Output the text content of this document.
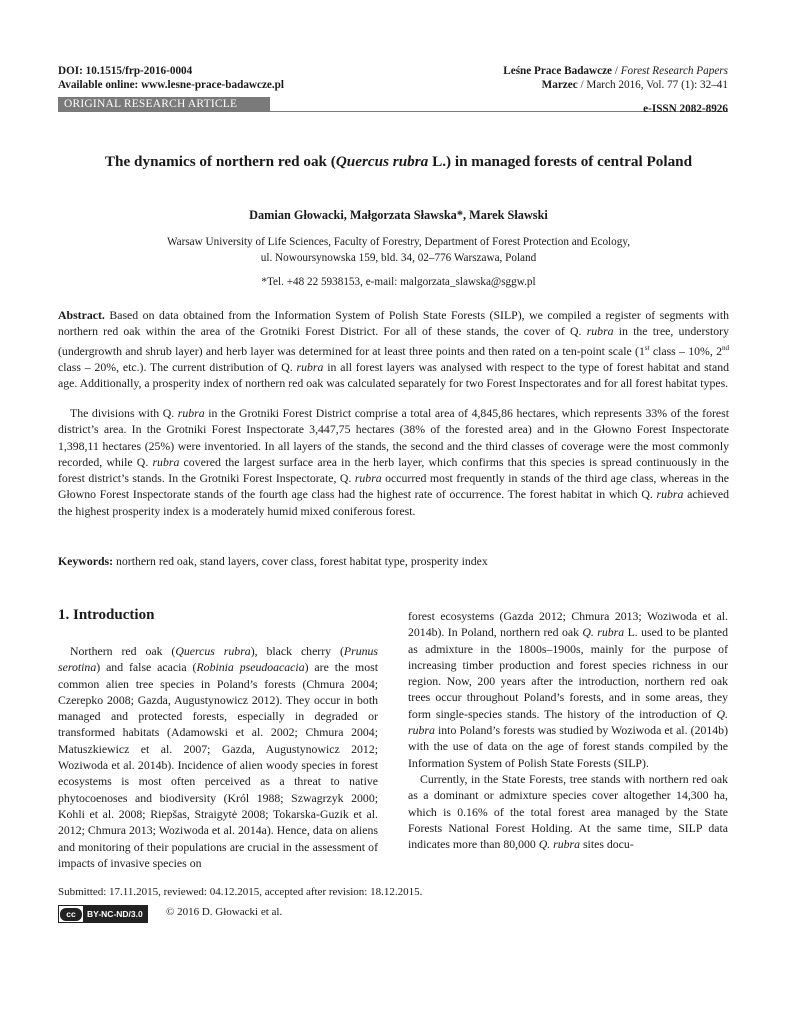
DOI: 10.1515/frp-2016-0004
Available online: www.lesne-prace-badawcze.pl
Leśne Prace Badawcze / Forest Research Papers
Marzec / March 2016, Vol. 77 (1): 32–41
ORIGINAL RESEARCH ARTICLE	e-ISSN 2082-8926
The dynamics of northern red oak (Quercus rubra L.) in managed forests of central Poland
Damian Głowacki, Małgorzata Sławska*, Marek Sławski
Warsaw University of Life Sciences, Faculty of Forestry, Department of Forest Protection and Ecology,
ul. Nowoursynowska 159, bld. 34, 02–776 Warszawa, Poland
*Tel. +48 22 5938153, e-mail: malgorzata_slawska@sggw.pl

Abstract. Based on data obtained from the Information System of Polish State Forests (SILP), we compiled a register of segments with northern red oak within the area of the Grotniki Forest District. For all of these stands, the cover of Q. rubra in the tree, understory (undergrowth and shrub layer) and herb layer was determined for at least three points and then rated on a ten-point scale (1st class – 10%, 2nd class – 20%, etc.). The current distribution of Q. rubra in all forest layers was analysed with respect to the type of forest habitat and stand age. Additionally, a prosperity index of northern red oak was calculated separately for two Forest Inspectorates and for all forest habitat types.

The divisions with Q. rubra in the Grotniki Forest District comprise a total area of 4,845,86 hectares, which represents 33% of the forest district’s area. In the Grotniki Forest Inspectorate 3,447,75 hectares (38% of the forested area) and in the Głowno Forest Inspectorate 1,398,11 hectares (25%) were inventoried. In all layers of the stands, the second and the third classes of coverage were the most commonly recorded, while Q. rubra covered the largest surface area in the herb layer, which confirms that this species is spread continuously in the forest district’s stands. In the Grotniki Forest Inspectorate, Q. rubra occurred most frequently in stands of the third age class, whereas in the Głowno Forest Inspectorate stands of the fourth age class had the highest rate of occurrence. The forest habitat in which Q. rubra achieved the highest prosperity index is a moderately humid mixed coniferous forest.

Keywords: northern red oak, stand layers, cover class, forest habitat type, prosperity index

1. Introduction

Northern red oak (Quercus rubra), black cherry (Prunus serotina) and false acacia (Robinia pseudoacacia) are the most common alien tree species in Poland’s forests (Chmura 2004; Czerepko 2008; Gazda, Augustynowicz 2012). They occur in both managed and protected forests, especially in degraded or transformed habitats (Adamowski et al. 2002; Chmura 2004; Matuszkiewicz et al. 2007; Gazda, Augustynowicz 2012; Woziwoda et al. 2014b). Incidence of alien woody species in forest ecosystems is most often perceived as a threat to native phytocoenoses and biodiversity (Król 1988; Szwagrzyk 2000; Kohli et al. 2008; Riepšas, Straigytė 2008; Tokarska-Guzik et al. 2012; Chmura 2013; Woziwoda et al. 2014a). Hence, data on aliens and monitoring of their populations are crucial in the assessment of impacts of invasive species on

forest ecosystems (Gazda 2012; Chmura 2013; Woziwoda et al. 2014b). In Poland, northern red oak Q. rubra L. used to be planted as admixture in the 1800s–1900s, mainly for the purpose of increasing timber production and forest species richness in our region. Now, 200 years after the introduction, northern red oak trees occur throughout Poland’s forests, and in some areas, they form single-species stands. The history of the introduction of Q. rubra into Poland’s forests was studied by Woziwoda et al. (2014b) with the use of data on the age of forest stands compiled by the Information System of Polish State Forests (SILP).

Currently, in the State Forests, tree stands with northern red oak as a dominant or admixture species cover altogether 14,300 ha, which is 0.16% of the total forest area managed by the State Forests National Forest Holding. At the same time, SILP data indicates more than 80,000 Q. rubra sites docu-

Submitted: 17.11.2015, reviewed: 04.12.2015, accepted after revision: 18.12.2015.
cc	BY-NC-ND/3.0	© 2016 D. Głowacki et al.
